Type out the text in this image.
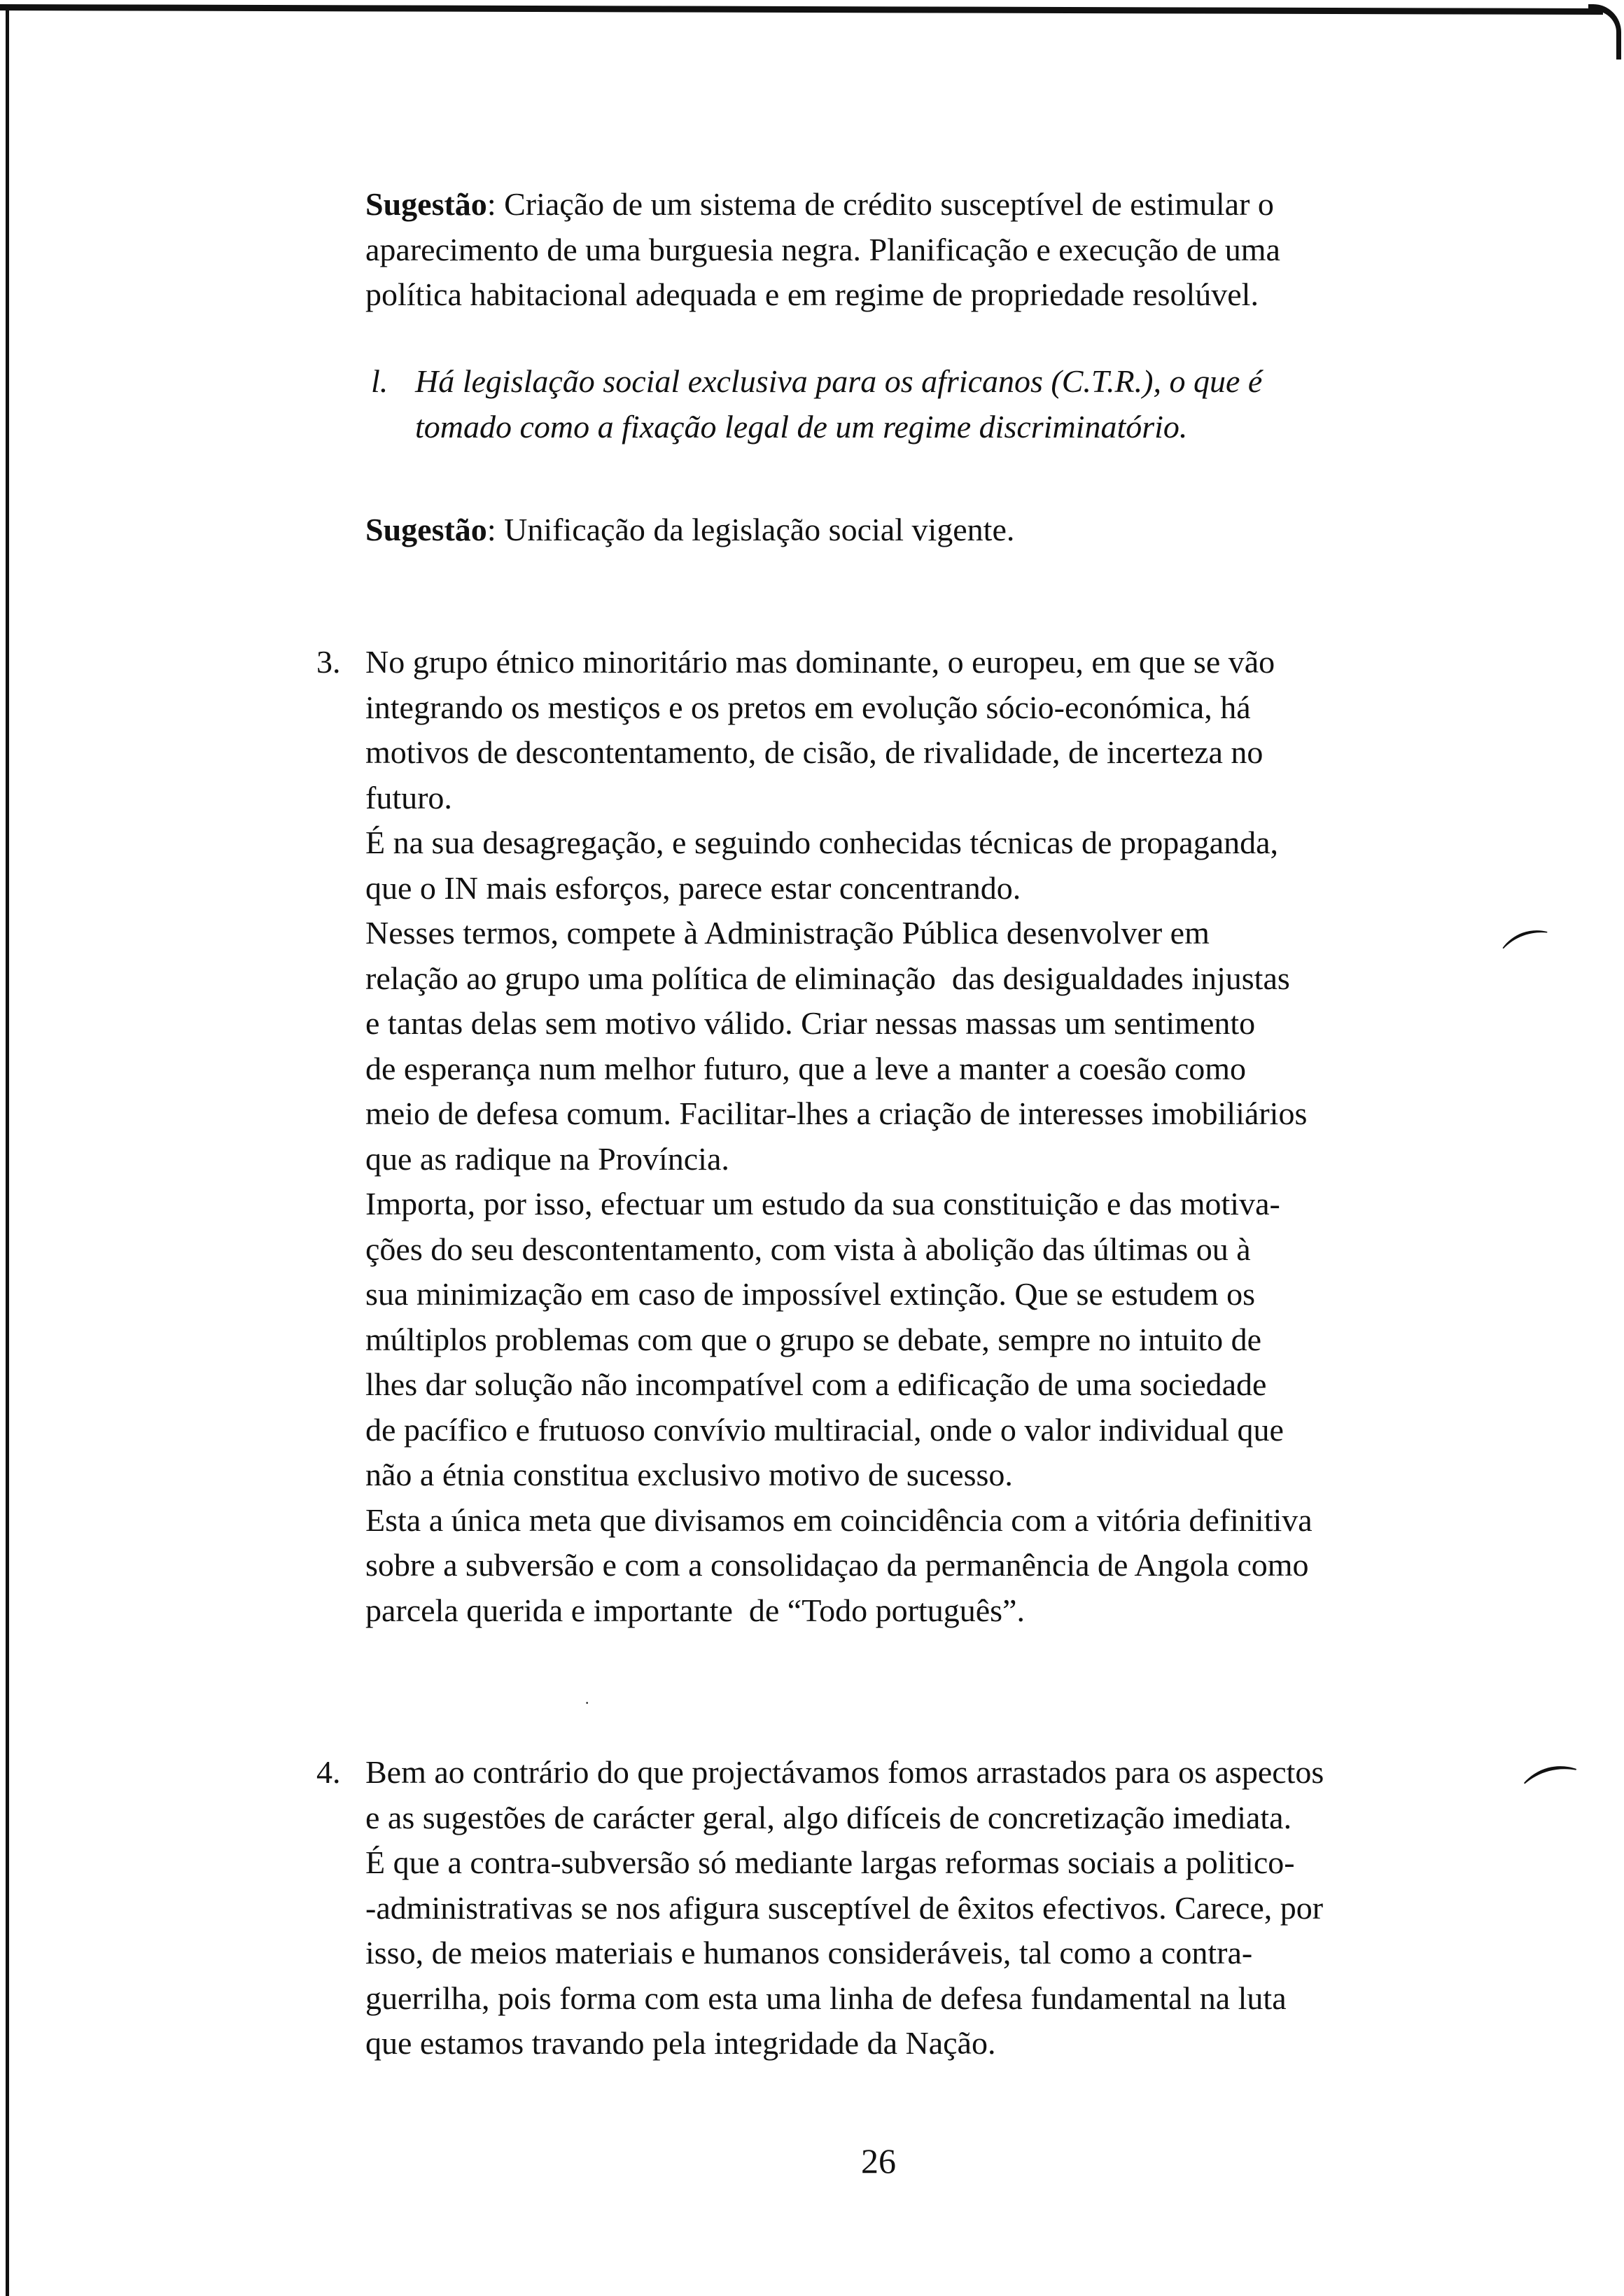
⌒
⌒
·

Sugestão: Criação de um sistema de crédito susceptível de estimular o
aparecimento de uma burguesia negra. Planificação e execução de uma
política habitacional adequada e em regime de propriedade resolúvel.

l. Há legislação social exclusiva para os africanos (C.T.R.), o que é
tomado como a fixação legal de um regime discriminatório.

Sugestão: Unificação da legislação social vigente.

3. No grupo étnico minoritário mas dominante, o europeu, em que se vão
integrando os mestiços e os pretos em evolução sócio-económica, há
motivos de descontentamento, de cisão, de rivalidade, de incerteza no
futuro.
É na sua desagregação, e seguindo conhecidas técnicas de propaganda,
que o IN mais esforços, parece estar concentrando.
Nesses termos, compete à Administração Pública desenvolver em
relação ao grupo uma política de eliminação  das desigualdades injustas
e tantas delas sem motivo válido. Criar nessas massas um sentimento
de esperança num melhor futuro, que a leve a manter a coesão como
meio de defesa comum. Facilitar-lhes a criação de interesses imobiliários
que as radique na Província.
Importa, por isso, efectuar um estudo da sua constituição e das motiva-
ções do seu descontentamento, com vista à abolição das últimas ou à
sua minimização em caso de impossível extinção. Que se estudem os
múltiplos problemas com que o grupo se debate, sempre no intuito de
lhes dar solução não incompatível com a edificação de uma sociedade
de pacífico e frutuoso convívio multiracial, onde o valor individual que
não a étnia constitua exclusivo motivo de sucesso.
Esta a única meta que divisamos em coincidência com a vitória definitiva
sobre a subversão e com a consolidaçao da permanência de Angola como
parcela querida e importante  de “Todo português”.

4. Bem ao contrário do que projectávamos fomos arrastados para os aspectos
e as sugestões de carácter geral, algo difíceis de concretização imediata.
É que a contra-subversão só mediante largas reformas sociais a politico-
-administrativas se nos afigura susceptível de êxitos efectivos. Carece, por
isso, de meios materiais e humanos consideráveis, tal como a contra-
guerrilha, pois forma com esta uma linha de defesa fundamental na luta
que estamos travando pela integridade da Nação.

26
